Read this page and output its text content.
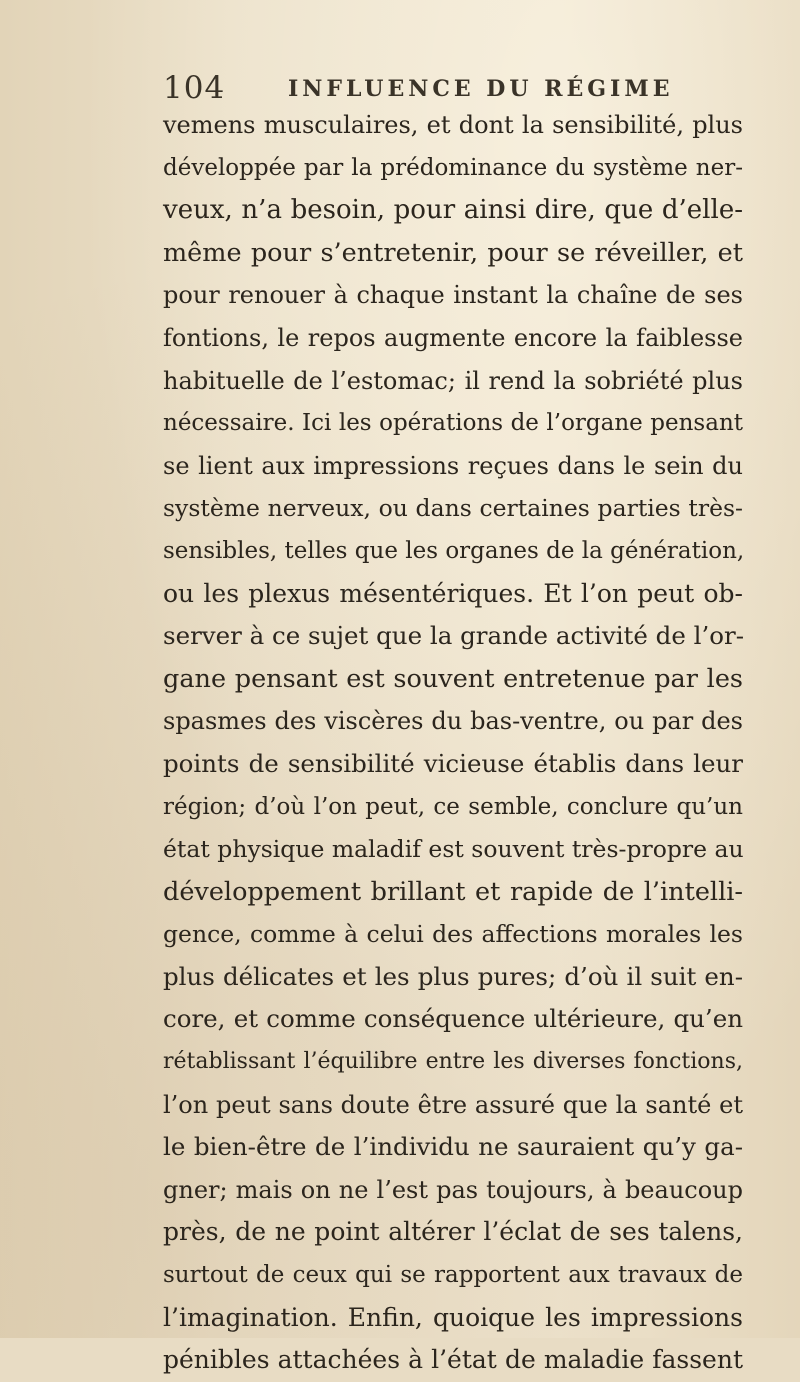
104	INFLUENCE DU RÉGIME
vemens musculaires, et dont la sensibilité, plus
développée par la prédominance du système ner-
veux, n’a besoin, pour ainsi dire, que d’elle-
même pour s’entretenir, pour se réveiller, et
pour renouer à chaque instant la chaîne de ses
fontions, le repos augmente encore la faiblesse
habituelle de l’estomac; il rend la sobriété plus
nécessaire. Ici les opérations de l’organe pensant
se lient aux impressions reçues dans le sein du
système nerveux, ou dans certaines parties très-
sensibles, telles que les organes de la génération,
ou les plexus mésentériques. Et l’on peut ob-
server à ce sujet que la grande activité de l’or-
gane pensant est souvent entretenue par les
spasmes des viscères du bas-ventre, ou par des
points de sensibilité vicieuse établis dans leur
région; d’où l’on peut, ce semble, conclure qu’un
état physique maladif est souvent très-propre au
développement brillant et rapide de l’intelli-
gence, comme à celui des affections morales les
plus délicates et les plus pures; d’où il suit en-
core, et comme conséquence ultérieure, qu’en
rétablissant l’équilibre entre les diverses fonctions,
l’on peut sans doute être assuré que la santé et
le bien-être de l’individu ne sauraient qu’y ga-
gner; mais on ne l’est pas toujours, à beaucoup
près, de ne point altérer l’éclat de ses talens,
surtout de ceux qui se rapportent aux travaux de
l’imagination. Enfin, quoique les impressions
pénibles attachées à l’état de maladie fassent
